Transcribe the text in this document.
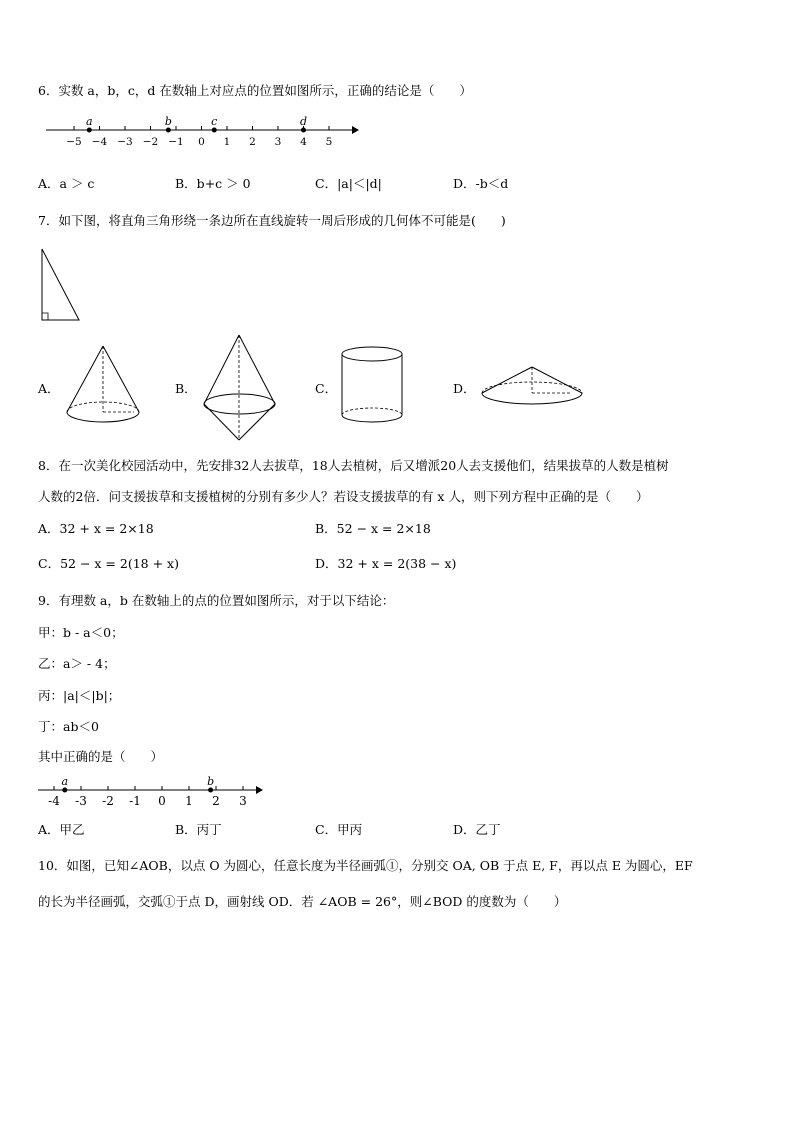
6．实数 a，b，c，d 在数轴上对应点的位置如图所示，正确的结论是（　　）
−5 −4 −3 −2 −1 0 1 2 3 4 5
a	b	c	d
A．a ＞ c	B．b+c ＞ 0	C．|a|＜|d|	D．-b＜d
7．如下图，将直角三角形绕一条边所在直线旋转一周后形成的几何体不可能是(　　)
A．	B．	C．	D．
8．在一次美化校园活动中，先安排32人去拔草，18人去植树，后又增派20人去支援他们，结果拔草的人数是植树
人数的2倍．问支援拔草和支援植树的分别有多少人？若设支援拔草的有 x 人，则下列方程中正确的是（　　）
A．32 + x = 2×18	B．52 − x = 2×18
C．52 − x = 2(18 + x)	D．32 + x = 2(38 − x)
9．有理数 a，b 在数轴上的点的位置如图所示，对于以下结论：
甲：b - a＜0；
乙：a＞ - 4；
丙：|a|＜|b|；
丁：ab＜0
其中正确的是（　　）
-4 -3 -2 -1 0 1 2 3
a	b
A．甲乙	B．丙丁	C．甲丙	D．乙丁
10．如图，已知∠AOB，以点 O 为圆心，任意长度为半径画弧①，分别交 OA, OB 于点 E, F，再以点 E 为圆心，EF
的长为半径画弧，交弧①于点 D，画射线 OD．若 ∠AOB = 26°，则∠BOD 的度数为（　　）
